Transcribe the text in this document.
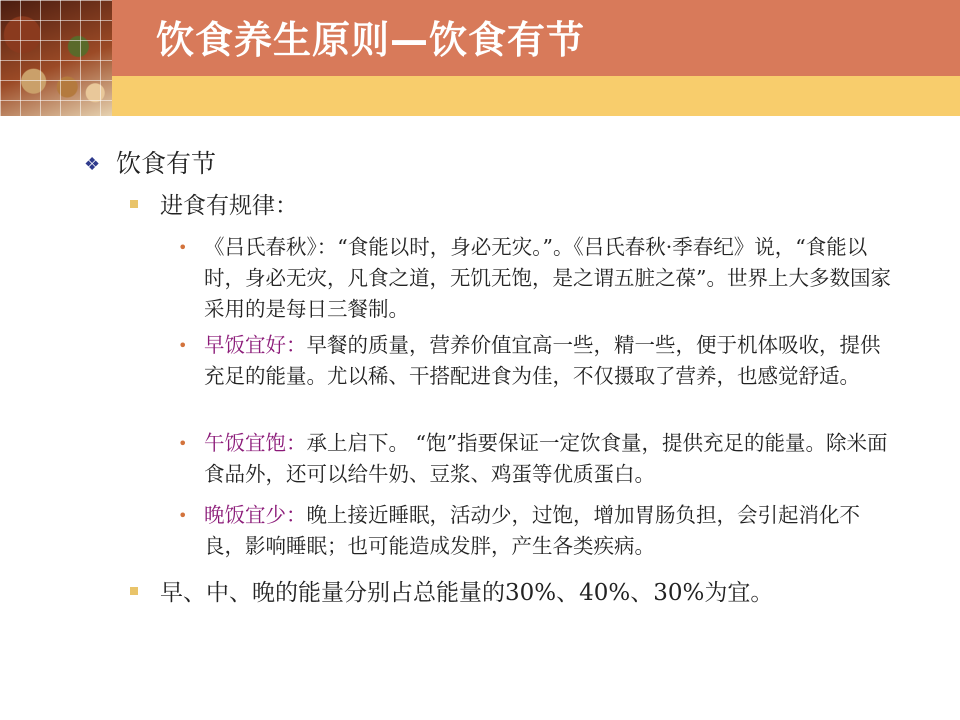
饮食养生原则—饮食有节
❖ 饮食有节
进食有规律：
• 《吕氏春秋》：“食能以时，身必无灾。”。《吕氏春秋·季春纪》说，“食能以时，身必无灾，凡食之道，无饥无饱，是之谓五脏之葆”。世界上大多数国家采用的是每日三餐制。
• 早饭宜好：早餐的质量，营养价值宜高一些，精一些，便于机体吸收，提供充足的能量。尤以稀、干搭配进食为佳，不仅摄取了营养，也感觉舒适。
• 午饭宜饱：承上启下。 “饱”指要保证一定饮食量，提供充足的能量。除米面食品外，还可以给牛奶、豆浆、鸡蛋等优质蛋白。
• 晚饭宜少：晚上接近睡眠，活动少，过饱，增加胃肠负担，会引起消化不良，影响睡眠；也可能造成发胖，产生各类疾病。
早、中、晚的能量分别占总能量的30%、40%、30%为宜。
